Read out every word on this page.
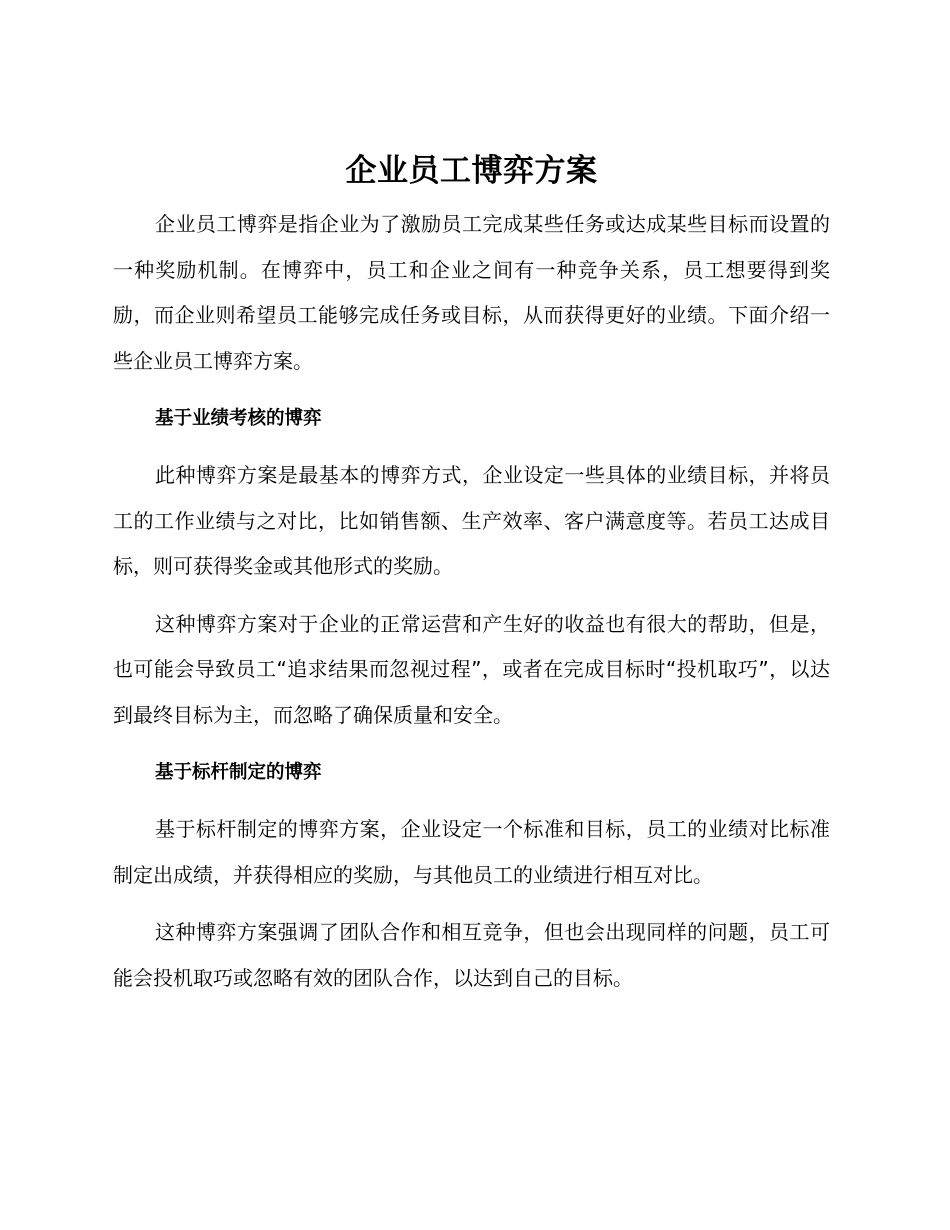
企业员工博弈方案

企业员工博弈是指企业为了激励员工完成某些任务或达成某些目标而设置的一种奖励机制。在博弈中，员工和企业之间有一种竞争关系，员工想要得到奖励，而企业则希望员工能够完成任务或目标，从而获得更好的业绩。下面介绍一些企业员工博弈方案。

基于业绩考核的博弈

此种博弈方案是最基本的博弈方式，企业设定一些具体的业绩目标，并将员工的工作业绩与之对比，比如销售额、生产效率、客户满意度等。若员工达成目标，则可获得奖金或其他形式的奖励。

这种博弈方案对于企业的正常运营和产生好的收益也有很大的帮助，但是，也可能会导致员工“追求结果而忽视过程”，或者在完成目标时“投机取巧”，以达到最终目标为主，而忽略了确保质量和安全。

基于标杆制定的博弈

基于标杆制定的博弈方案，企业设定一个标准和目标，员工的业绩对比标准制定出成绩，并获得相应的奖励，与其他员工的业绩进行相互对比。

这种博弈方案强调了团队合作和相互竞争，但也会出现同样的问题，员工可能会投机取巧或忽略有效的团队合作，以达到自己的目标。
